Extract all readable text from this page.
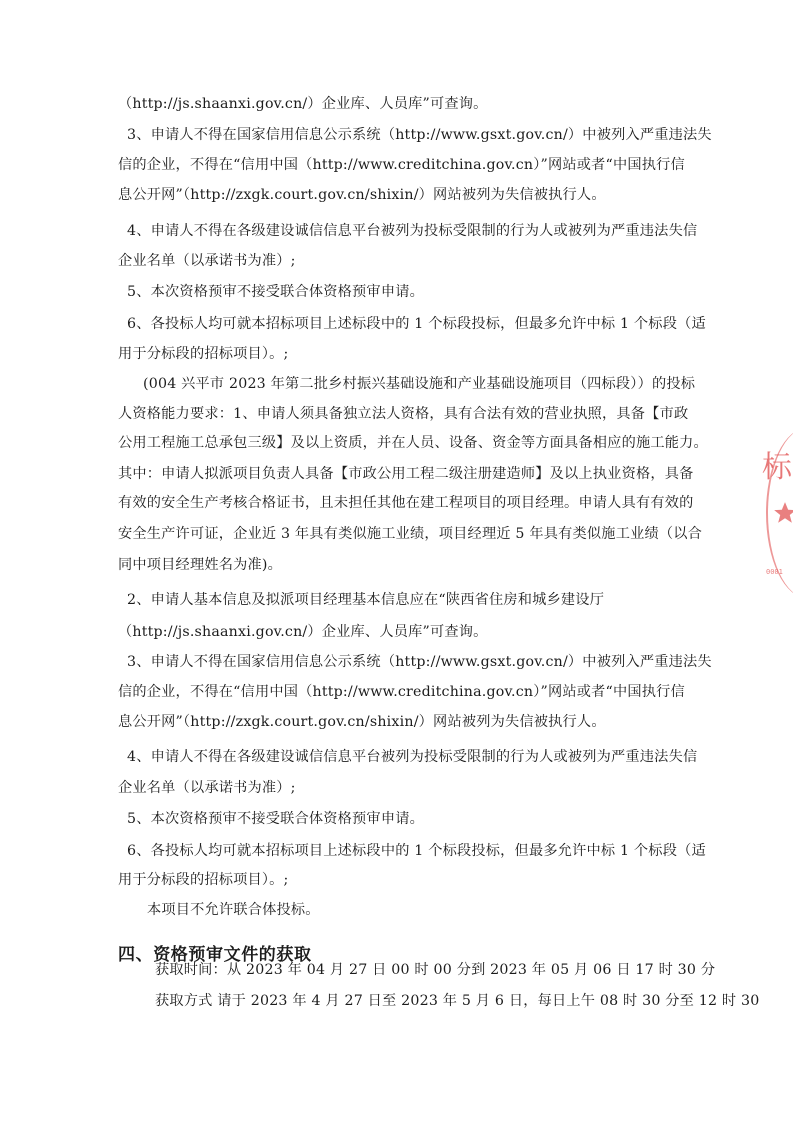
（http://js.shaanxi.gov.cn/）企业库、人员库”可查询。
3、申请人不得在国家信用信息公示系统（http://www.gsxt.gov.cn/）中被列入严重违法失
信的企业，不得在“信用中国（http://www.creditchina.gov.cn）”网站或者“中国执行信
息公开网”（http://zxgk.court.gov.cn/shixin/）网站被列为失信被执行人。
4、申请人不得在各级建设诚信信息平台被列为投标受限制的行为人或被列为严重违法失信
企业名单（以承诺书为准）;
5、本次资格预审不接受联合体资格预审申请。
6、各投标人均可就本招标项目上述标段中的 1 个标段投标，但最多允许中标 1 个标段（适
用于分标段的招标项目）。;
(004 兴平市 2023 年第二批乡村振兴基础设施和产业基础设施项目（四标段））的投标
人资格能力要求：1、申请人须具备独立法人资格，具有合法有效的营业执照，具备【市政
公用工程施工总承包三级】及以上资质，并在人员、设备、资金等方面具备相应的施工能力。
其中：申请人拟派项目负责人具备【市政公用工程二级注册建造师】及以上执业资格，具备
有效的安全生产考核合格证书，且未担任其他在建工程项目的项目经理。申请人具有有效的
安全生产许可证，企业近 3 年具有类似施工业绩，项目经理近 5 年具有类似施工业绩（以合
同中项目经理姓名为准)。
2、申请人基本信息及拟派项目经理基本信息应在“陕西省住房和城乡建设厅
（http://js.shaanxi.gov.cn/）企业库、人员库”可查询。
3、申请人不得在国家信用信息公示系统（http://www.gsxt.gov.cn/）中被列入严重违法失
信的企业，不得在“信用中国（http://www.creditchina.gov.cn）”网站或者“中国执行信
息公开网”（http://zxgk.court.gov.cn/shixin/）网站被列为失信被执行人。
4、申请人不得在各级建设诚信信息平台被列为投标受限制的行为人或被列为严重违法失信
企业名单（以承诺书为准）;
5、本次资格预审不接受联合体资格预审申请。
6、各投标人均可就本招标项目上述标段中的 1 个标段投标，但最多允许中标 1 个标段（适
用于分标段的招标项目）。;
本项目不允许联合体投标。
获取时间：从 2023 年 04 月 27 日 00 时 00 分到 2023 年 05 月 06 日 17 时 30 分
获取方式 请于 2023 年 4 月 27 日至 2023 年 5 月 6 日，每日上午 08 时 30 分至 12 时 30
四、资格预审文件的获取
标
0001
